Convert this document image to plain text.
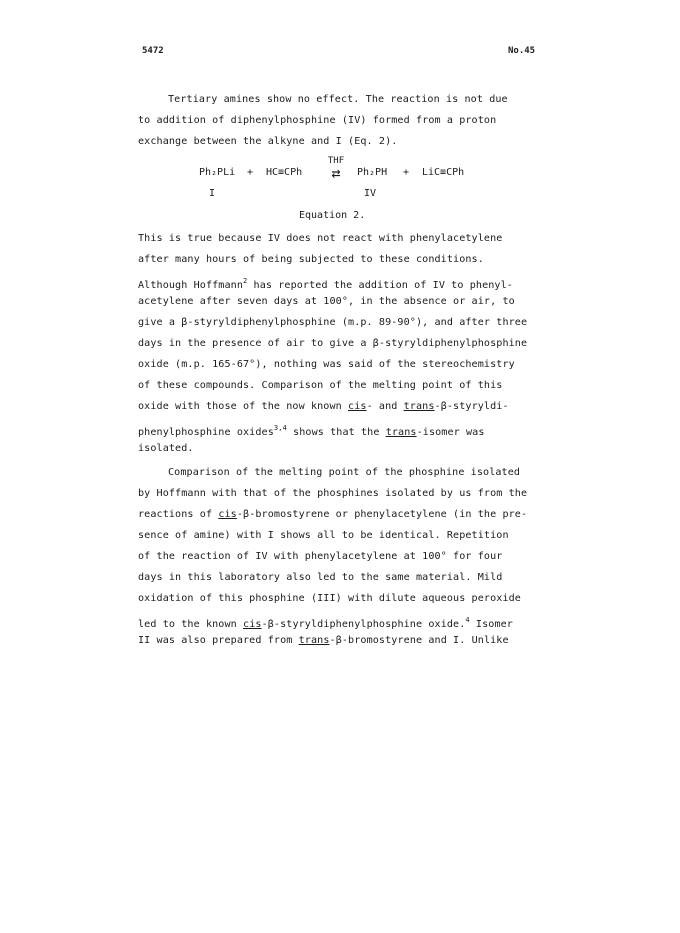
5472	No.45
Tertiary amines show no effect. The reaction is not due
to addition of diphenylphosphine (IV) formed from a proton
exchange between the alkyne and I (Eq. 2).
Ph₂PLi + HC≡CPh
THF
⇄	Ph₂PH + LiC≡CPh
I	IV
Equation 2.
This is true because IV does not react with phenylacetylene
after many hours of being subjected to these conditions.
Although Hoffmann$^2$ has reported the addition of IV to phenyl-
acetylene after seven days at 100°, in the absence or air, to
give a β-styryldiphenylphosphine (m.p. 89-90°), and after three
days in the presence of air to give a β-styryldiphenylphosphine
oxide (m.p. 165-67°), nothing was said of the stereochemistry
of these compounds. Comparison of the melting point of this
oxide with those of the now known cis- and trans-β-styryldi-
phenylphosphine oxides$^{3,4}$ shows that the trans-isomer was
isolated.
Comparison of the melting point of the phosphine isolated
by Hoffmann with that of the phosphines isolated by us from the
reactions of cis-β-bromostyrene or phenylacetylene (in the pre-
sence of amine) with I shows all to be identical. Repetition
of the reaction of IV with phenylacetylene at 100° for four
days in this laboratory also led to the same material. Mild
oxidation of this phosphine (III) with dilute aqueous peroxide
led to the known cis-β-styryldiphenylphosphine oxide.$^4$ Isomer
II was also prepared from trans-β-bromostyrene and I. Unlike
